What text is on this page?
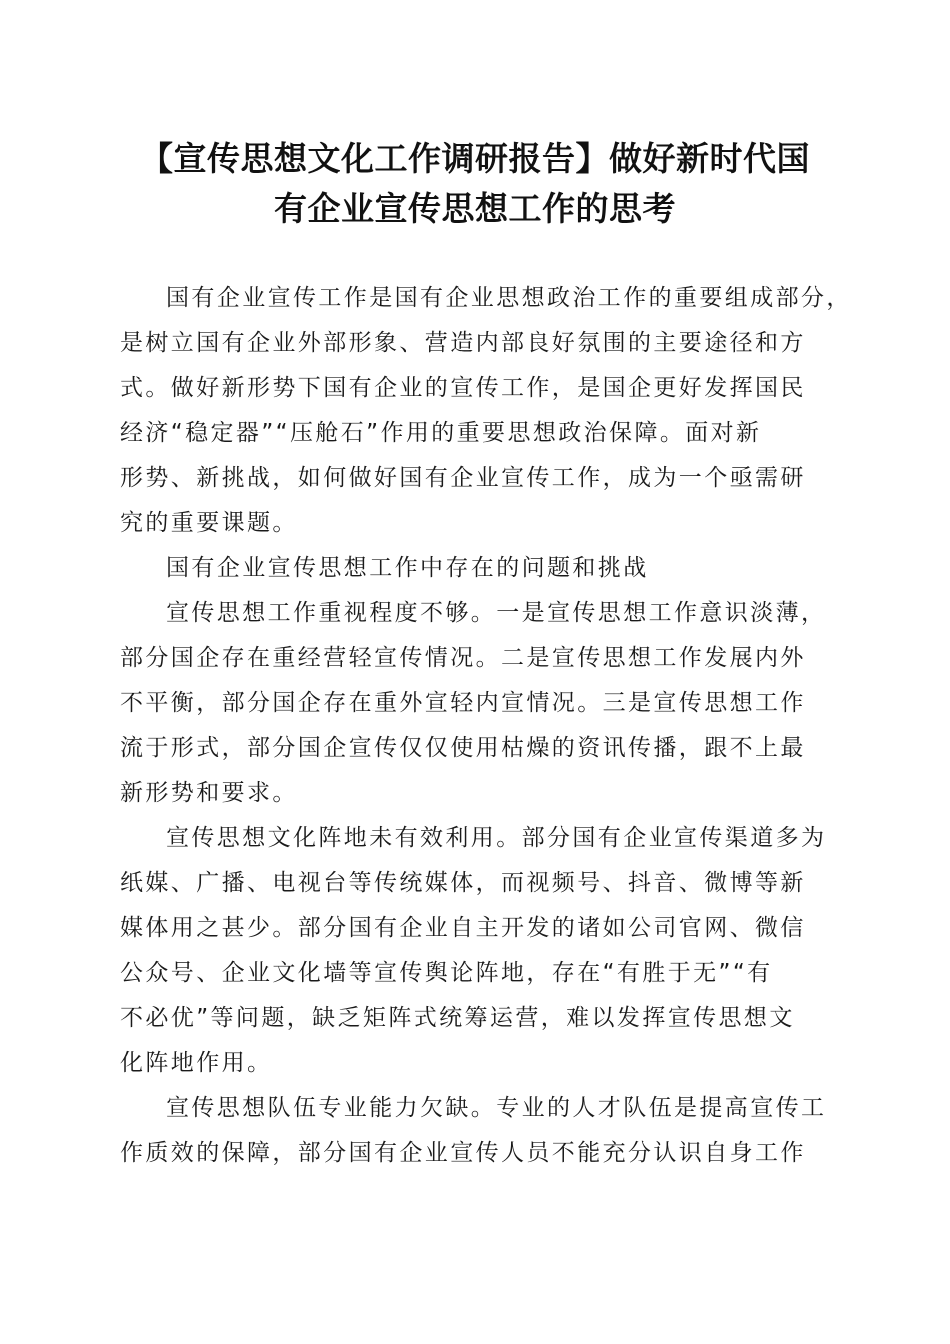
【宣传思想文化工作调研报告】做好新时代国
有企业宣传思想工作的思考

国有企业宣传工作是国有企业思想政治工作的重要组成部分，
是树立国有企业外部形象、营造内部良好氛围的主要途径和方
式。做好新形势下国有企业的宣传工作，是国企更好发挥国民
经济“稳定器”“压舱石”作用的重要思想政治保障。面对新
形势、新挑战，如何做好国有企业宣传工作，成为一个亟需研
究的重要课题。

国有企业宣传思想工作中存在的问题和挑战

宣传思想工作重视程度不够。一是宣传思想工作意识淡薄，
部分国企存在重经营轻宣传情况。二是宣传思想工作发展内外
不平衡，部分国企存在重外宣轻内宣情况。三是宣传思想工作
流于形式，部分国企宣传仅仅使用枯燥的资讯传播，跟不上最
新形势和要求。

宣传思想文化阵地未有效利用。部分国有企业宣传渠道多为
纸媒、广播、电视台等传统媒体，而视频号、抖音、微博等新
媒体用之甚少。部分国有企业自主开发的诸如公司官网、微信
公众号、企业文化墙等宣传舆论阵地，存在“有胜于无”“有
不必优”等问题，缺乏矩阵式统筹运营，难以发挥宣传思想文
化阵地作用。

宣传思想队伍专业能力欠缺。专业的人才队伍是提高宣传工
作质效的保障，部分国有企业宣传人员不能充分认识自身工作
